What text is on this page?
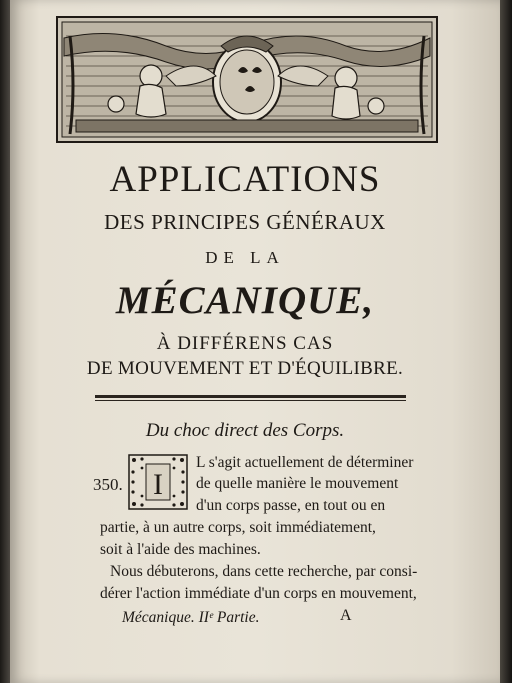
APPLICATIONS
DES PRINCIPES GÉNÉRAUX
DE LA
MÉCANIQUE,
À DIFFÉRENS CAS
DE MOUVEMENT ET D'ÉQUILIBRE.
Du choc direct des Corps.
350. I
L s'agit actuellement de déterminer
de quelle manière le mouvement
d'un corps passe, en tout ou en
partie, à un autre corps, soit immédiatement,
soit à l'aide des machines.
Nous débuterons, dans cette recherche, par consi-
dérer l'action immédiate d'un corps en mouvement,
Mécanique. IIᵉ Partie.	A
